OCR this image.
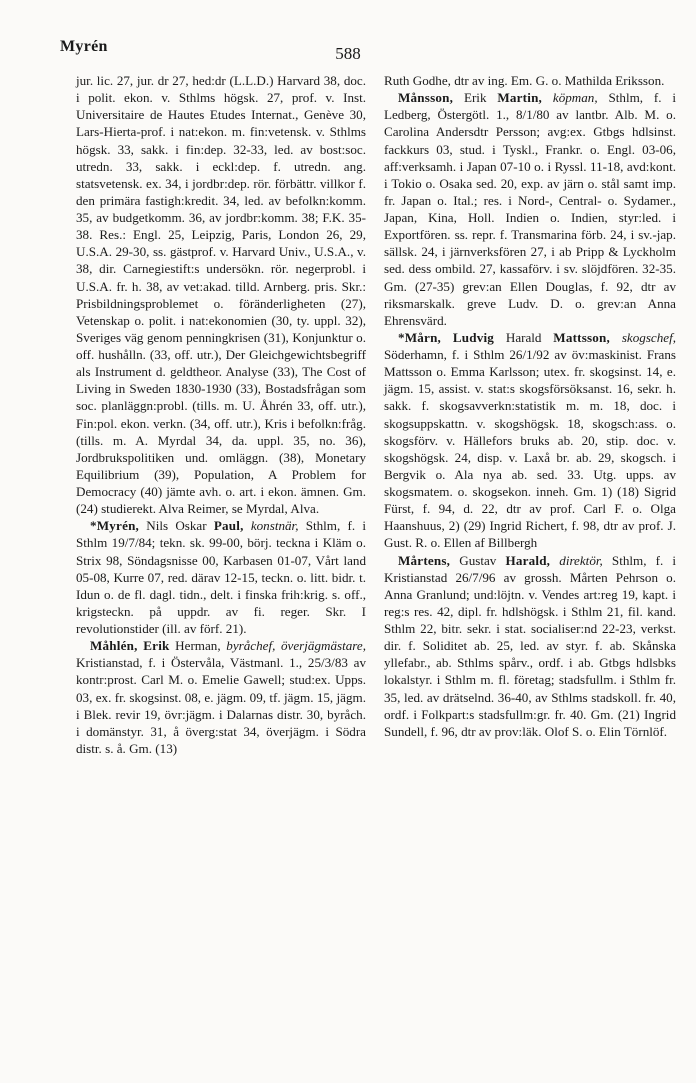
Myrén	588

jur. lic. 27, jur. dr 27, hed:dr (L.L.D.) Harvard 38, doc. i polit. ekon. v. Sthlms högsk. 27, prof. v. Inst. Universitaire de Hautes Etudes Internat., Genève 30, Lars-Hierta-prof. i nat:ekon. m. fin:vetensk. v. Sthlms högsk. 33, sakk. i fin:dep. 32-33, led. av bost:soc. utredn. 33, sakk. i eckl:dep. f. utredn. ang. statsvetensk. ex. 34, i jordbr:dep. rör. förbättr. villkor f. den primära fastigh:kredit. 34, led. av befolkn:komm. 35, av budgetkomm. 36, av jordbr:komm. 38; F.K. 35-38. Res.: Engl. 25, Leipzig, Paris, London 26, 29, U.S.A. 29-30, ss. gästprof. v. Harvard Univ., U.S.A., v. 38, dir. Carnegiestift:s undersökn. rör. negerprobl. i U.S.A. fr. h. 38, av vet:akad. tilld. Arnberg. pris. Skr.: Prisbildningsproblemet o. föränderligheten (27), Vetenskap o. polit. i nat:ekonomien (30, ty. uppl. 32), Sveriges väg genom penningkrisen (31), Konjunktur o. off. hushålln. (33, off. utr.), Der Gleichgewichtsbegriff als Instrument d. geldtheor. Analyse (33), The Cost of Living in Sweden 1830-1930 (33), Bostadsfrågan som soc. planläggn:probl. (tills. m. U. Åhrén 33, off. utr.), Fin:pol. ekon. verkn. (34, off. utr.), Kris i befolkn:fråg. (tills. m. A. Myrdal 34, da. uppl. 35, no. 36), Jordbrukspolitiken und. omläggn. (38), Monetary Equilibrium (39), Population, A Problem for Democracy (40) jämte avh. o. art. i ekon. ämnen. Gm. (24) studierekt. Alva Reimer, se Myrdal, Alva.

*Myrén, Nils Oskar Paul, konstnär, Sthlm, f. i Sthlm 19/7/84; tekn. sk. 99-00, börj. teckna i Kläm o. Strix 98, Söndagsnisse 00, Karbasen 01-07, Vårt land 05-08, Kurre 07, red. därav 12-15, teckn. o. litt. bidr. t. Idun o. de fl. dagl. tidn., delt. i finska frih:krig. s. off., krigsteckn. på uppdr. av fi. reger. Skr. I revolutionstider (ill. av förf. 21).

Måhlén, Erik Herman, byråchef, överjägmästare, Kristianstad, f. i Östervåla, Västmanl. 1., 25/3/83 av kontr:prost. Carl M. o. Emelie Gawell; stud:ex. Upps. 03, ex. fr. skogsinst. 08, e. jägm. 09, tf. jägm. 15, jägm. i Blek. revir 19, övr:jägm. i Dalarnas distr. 30, byråch. i domänstyr. 31, å överg:stat 34, överjägm. i Södra distr. s. å. Gm. (13)

Ruth Godhe, dtr av ing. Em. G. o. Mathilda Eriksson.

Månsson, Erik Martin, köpman, Sthlm, f. i Ledberg, Östergötl. 1., 8/1/80 av lantbr. Alb. M. o. Carolina Andersdtr Persson; avg:ex. Gtbgs hdlsinst. fackkurs 03, stud. i Tyskl., Frankr. o. Engl. 03-06, aff:verksamh. i Japan 07-10 o. i Ryssl. 11-18, avd:kont. i Tokio o. Osaka sed. 20, exp. av järn o. stål samt imp. fr. Japan o. Ital.; res. i Nord-, Central- o. Sydamer., Japan, Kina, Holl. Indien o. Indien, styr:led. i Exportfören. ss. repr. f. Transmarina förb. 24, i sv.-jap. sällsk. 24, i järnverksfören 27, i ab Pripp & Lyckholm sed. dess ombild. 27, kassaförv. i sv. slöjdfören. 32-35. Gm. (27-35) grev:an Ellen Douglas, f. 92, dtr av riksmarskalk. greve Ludv. D. o. grev:an Anna Ehrensvärd.

*Mårn, Ludvig Harald Mattsson, skogschef, Söderhamn, f. i Sthlm 26/1/92 av öv:maskinist. Frans Mattsson o. Emma Karlsson; utex. fr. skogsinst. 14, e. jägm. 15, assist. v. stat:s skogsförsöksanst. 16, sekr. h. sakk. f. skogsavverkn:statistik m. m. 18, doc. i skogsuppskattn. v. skogshögsk. 18, skogsch:ass. o. skogsförv. v. Hällefors bruks ab. 20, stip. doc. v. skogshögsk. 24, disp. v. Laxå br. ab. 29, skogsch. i Bergvik o. Ala nya ab. sed. 33. Utg. upps. av skogsmatem. o. skogsekon. inneh. Gm. 1) (18) Sigrid Fürst, f. 94, d. 22, dtr av prof. Carl F. o. Olga Haanshuus, 2) (29) Ingrid Richert, f. 98, dtr av prof. J. Gust. R. o. Ellen af Billbergh

Mårtens, Gustav Harald, direktör, Sthlm, f. i Kristianstad 26/7/96 av grossh. Mårten Pehrson o. Anna Granlund; und:löjtn. v. Vendes art:reg 19, kapt. i reg:s res. 42, dipl. fr. hdlshögsk. i Sthlm 21, fil. kand. Sthlm 22, bitr. sekr. i stat. socialiser:nd 22-23, verkst. dir. f. Soliditet ab. 25, led. av styr. f. ab. Skånska yllefabr., ab. Sthlms spårv., ordf. i ab. Gtbgs hdlsbks lokalstyr. i Sthlm m. fl. företag; stadsfullm. i Sthlm fr. 35, led. av drätselnd. 36-40, av Sthlms stadskoll. fr. 40, ordf. i Folkpart:s stadsfullm:gr. fr. 40. Gm. (21) Ingrid Sundell, f. 96, dtr av prov:läk. Olof S. o. Elin Törnlöf.
